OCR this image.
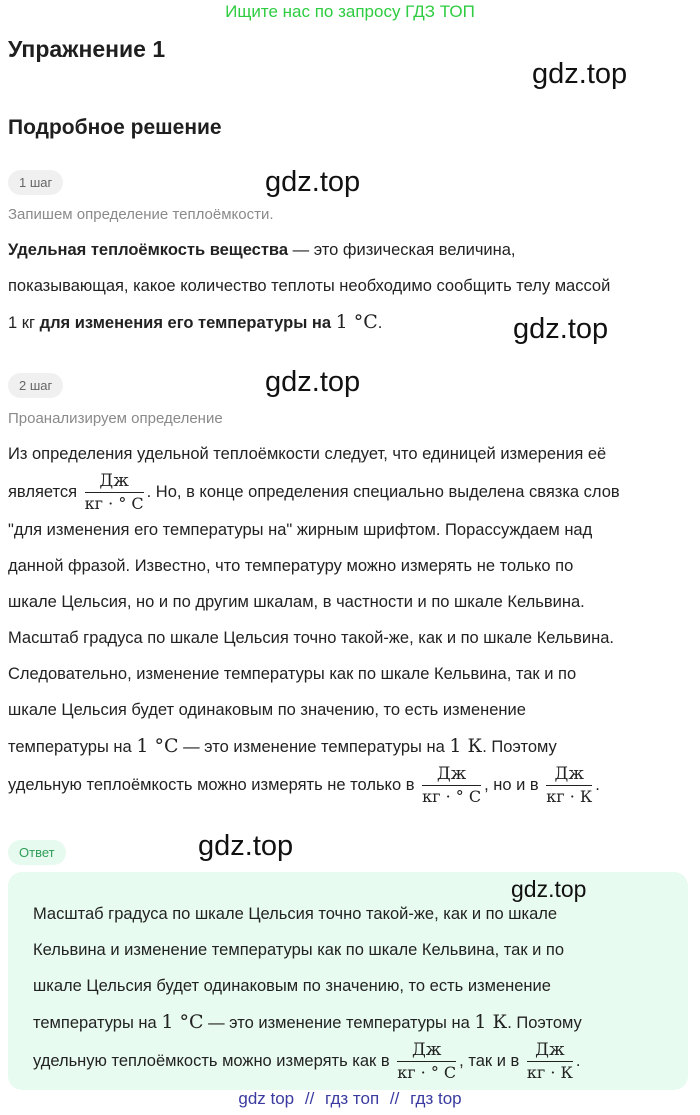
Ищите нас по запросу ГДЗ ТОП
Упражнение 1
gdz.top
Подробное решение
1 шаг	gdz.top
Запишем определение теплоёмкости.
Удельная теплоёмкость вещества — это физическая величина,
показывающая, какое количество теплоты необходимо сообщить телу массой
1 кг для изменения его температуры на 1 °C.	gdz.top
2 шаг	gdz.top
Проанализируем определение
Из определения удельной теплоёмкости следует, что единицей измерения её
является $\frac{Дж}{кг \cdot ^\circ C}$ . Но, в конце определения специально выделена связка слов
"для изменения его температуры на" жирным шрифтом. Порассуждаем над
данной фразой. Известно, что температуру можно измерять не только по
шкале Цельсия, но и по другим шкалам, в частности и по шкале Кельвина.
Масштаб градуса по шкале Цельсия точно такой-же, как и по шкале Кельвина.
Следовательно, изменение температуры как по шкале Кельвина, так и по
шкале Цельсия будет одинаковым по значению, то есть изменение
температуры на 1 °C — это изменение температуры на 1 К. Поэтому
удельную теплоёмкость можно измерять не только в $\frac{Дж}{кг \cdot ^\circ C}$ , но и в $\frac{Дж}{кг \cdot К}$ .
Ответ	gdz.top
gdz.top
Масштаб градуса по шкале Цельсия точно такой-же, как и по шкале
Кельвина и изменение температуры как по шкале Кельвина, так и по
шкале Цельсия будет одинаковым по значению, то есть изменение
температуры на 1 °C — это изменение температуры на 1 К. Поэтому
удельную теплоёмкость можно измерять как в $\frac{Дж}{кг \cdot ^\circ C}$ , так и в $\frac{Дж}{кг \cdot К}$ .
gdz top // гдз топ // гдз top
